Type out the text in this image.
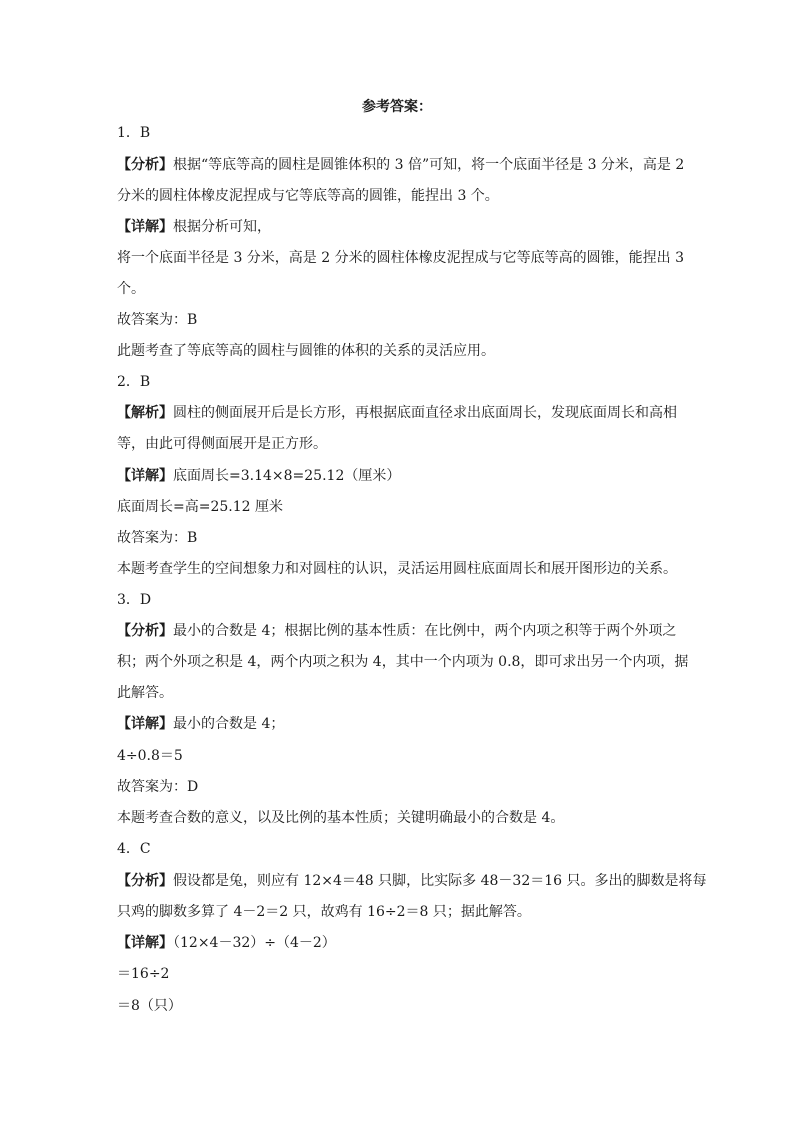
参考答案：
1．B
【分析】根据“等底等高的圆柱是圆锥体积的 3 倍”可知，将一个底面半径是 3 分米，高是 2
分米的圆柱体橡皮泥捏成与它等底等高的圆锥，能捏出 3 个。
【详解】根据分析可知，
将一个底面半径是 3 分米，高是 2 分米的圆柱体橡皮泥捏成与它等底等高的圆锥，能捏出 3
个。
故答案为：B
此题考查了等底等高的圆柱与圆锥的体积的关系的灵活应用。
2．B
【解析】圆柱的侧面展开后是长方形，再根据底面直径求出底面周长，发现底面周长和高相
等，由此可得侧面展开是正方形。
【详解】底面周长=3.14×8=25.12（厘米）
底面周长=高=25.12 厘米
故答案为：B
本题考查学生的空间想象力和对圆柱的认识，灵活运用圆柱底面周长和展开图形边的关系。
3．D
【分析】最小的合数是 4；根据比例的基本性质：在比例中，两个内项之积等于两个外项之
积；两个外项之积是 4，两个内项之积为 4，其中一个内项为 0.8，即可求出另一个内项，据
此解答。
【详解】最小的合数是 4；
4÷0.8＝5
故答案为：D
本题考查合数的意义，以及比例的基本性质；关键明确最小的合数是 4。
4．C
【分析】假设都是兔，则应有 12×4＝48 只脚，比实际多 48－32＝16 只。多出的脚数是将每
只鸡的脚数多算了 4－2＝2 只，故鸡有 16÷2＝8 只；据此解答。
【详解】（12×4－32）÷（4－2）
＝16÷2
＝8（只）
